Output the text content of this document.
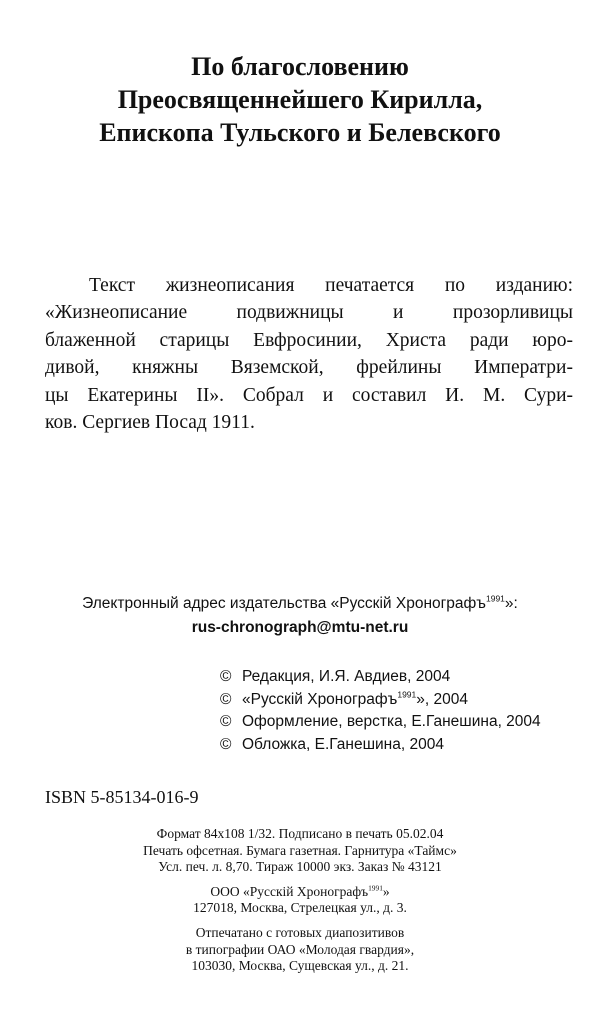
По благословению
Преосвященнейшего Кирилла,
Епископа Тульского и Белевского
Текст жизнеописания печатается по изданию:
«Жизнеописание подвижницы и прозорливицы
блаженной старицы Евфросинии, Христа ради юро-
дивой, княжны Вяземской, фрейлины Императри-
цы Екатерины II». Собрал и составил И. М. Сури-
ков. Сергиев Посад 1911.
Электронный адрес издательства «Русскiй Хронографъ$^{1991}$»:
rus-chronograph@mtu-net.ru
© Редакция, И.Я. Авдиев, 2004
© «Русскiй Хронографъ$^{1991}$», 2004
© Оформление, верстка, Е.Ганешина, 2004
© Обложка, Е.Ганешина, 2004
ISBN 5-85134-016-9
Формат 84x108 1/32. Подписано в печать 05.02.04
Печать офсетная. Бумага газетная. Гарнитура «Таймс»
Усл. печ. л. 8,70. Тираж 10000 экз. Заказ № 43121
ООО «Русскiй Хронографъ$^{1991}$»
127018, Москва, Стрелецкая ул., д. 3.
Отпечатано с готовых диапозитивов
в типографии ОАО «Молодая гвардия»,
103030, Москва, Сущевская ул., д. 21.
